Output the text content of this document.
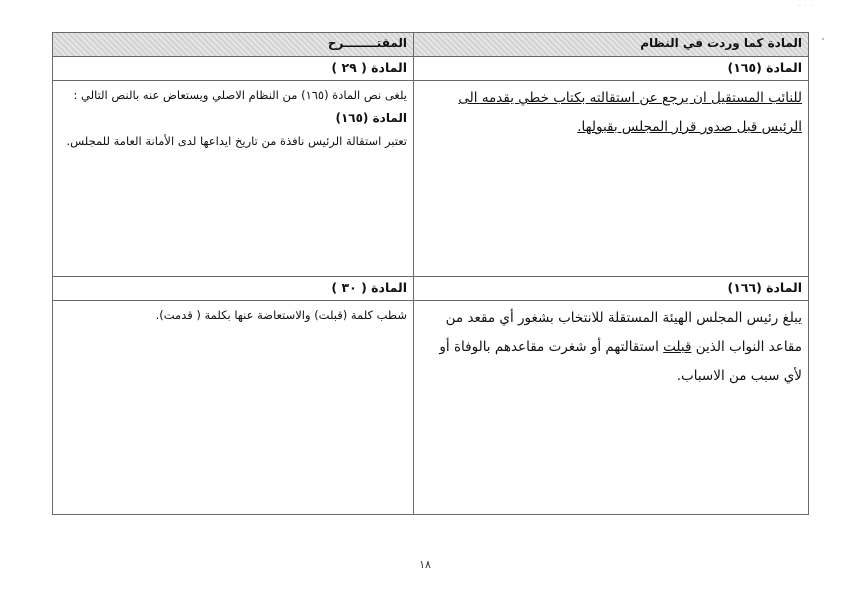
· · ·
المادة كما وردت في النظام	المقتــــــــرح
المادة (١٦٥)	المادة ( ٢٩ )
للنائب المستقيل ان يرجع عن استقالته بكتاب خطي يقدمه الى الرئيس قبل صدور قرار المجلس بقبولها.	يلغى نص المادة (١٦٥) من النظام الاصلي ويستعاض عنه بالنص التالي :
المادة (١٦٥)
تعتبر استقالة الرئيس نافذة من تاريخ ايداعها لدى الأمانة العامة للمجلس.

المادة (١٦٦)	المادة ( ٣٠ )
يبلغ رئيس المجلس الهيئة المستقلة للانتخاب بشغور أي مقعد من مقاعد النواب الذين قبلت استقالتهم أو شغرت مقاعدهم بالوفاة أو لأي سبب من الاسباب.	شطب كلمة (قبلت) والاستعاضة عنها بكلمة ( قدمت).
١٨
